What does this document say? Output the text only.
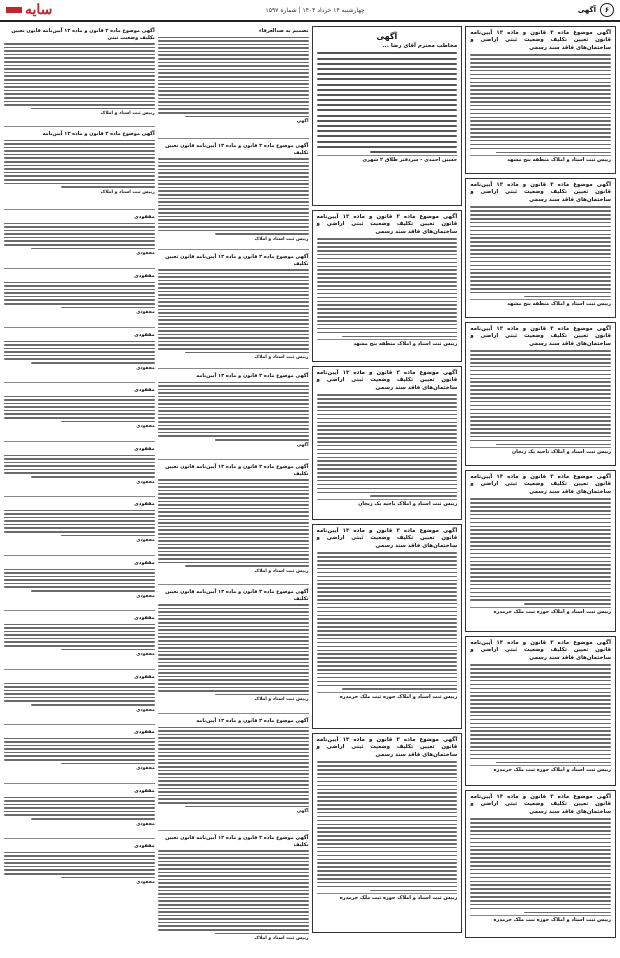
۶
آگهی
چهارشنبه ۱۴ خرداد ۱۴۰۴ | شماره ۱۵۹۷
سایه
آگهی موضوع ماده ۳ قانون و ماده ۱۳ آیین‌نامه قانون تعیین تکلیف وضعیت ثبتی اراضی و ساختمان‌های فاقد سند رسمی
رییس ثبت اسناد و املاک منطقه پنج مشهد
آگهی موضوع ماده ۳ قانون و ماده ۱۳ آیین‌نامه قانون تعیین تکلیف وضعیت ثبتی اراضی و ساختمان‌های فاقد سند رسمی
رییس ثبت اسناد و املاک منطقه پنج مشهد
آگهی موضوع ماده ۳ قانون و ماده ۱۳ آیین‌نامه قانون تعیین تکلیف وضعیت ثبتی اراضی و ساختمان‌های فاقد سند رسمی
رییس ثبت اسناد و املاک ناحیه یک زنجان
آگهی موضوع ماده ۳ قانون و ماده ۱۳ آیین‌نامه قانون تعیین تکلیف وضعیت ثبتی اراضی و ساختمان‌های فاقد سند رسمی
رییس ثبت اسناد و املاک حوزه ثبت ملک خرمدره
آگهی موضوع ماده ۳ قانون و ماده ۱۳ آیین‌نامه قانون تعیین تکلیف وضعیت ثبتی اراضی و ساختمان‌های فاقد سند رسمی
رییس ثبت اسناد و املاک حوزه ثبت ملک خرمدره
آگهی موضوع ماده ۳ قانون و ماده ۱۳ آیین‌نامه قانون تعیین تکلیف وضعیت ثبتی اراضی و ساختمان‌های فاقد سند رسمی
رییس ثبت اسناد و املاک حوزه ثبت ملک خرمدره
آگهی
مخاطب محترم آقای رضا ...
حسین احمدی - سردفتر طلاق ۲ شهری
آگهی موضوع ماده ۳ قانون و ماده ۱۳ آیین‌نامه قانون تعیین تکلیف وضعیت ثبتی اراضی و ساختمان‌های فاقد سند رسمی
رییس ثبت اسناد و املاک منطقه پنج مشهد
آگهی موضوع ماده ۳ قانون و ماده ۱۳ آیین‌نامه قانون تعیین تکلیف وضعیت ثبتی اراضی و ساختمان‌های فاقد سند رسمی
رییس ثبت اسناد و املاک ناحیه یک زنجان
آگهی موضوع ماده ۳ قانون و ماده ۱۳ آیین‌نامه قانون تعیین تکلیف وضعیت ثبتی اراضی و ساختمان‌های فاقد سند رسمی
رییس ثبت اسناد و املاک حوزه ثبت ملک خرمدره
آگهی موضوع ماده ۳ قانون و ماده ۱۳ آیین‌نامه قانون تعیین تکلیف وضعیت ثبتی اراضی و ساختمان‌های فاقد سند رسمی
رییس ثبت اسناد و املاک حوزه ثبت ملک خرمدره
تصمیم به صدالعرفاء
آگهی
آگهی موضوع ماده ۳ قانون و ماده ۱۳ آیین‌نامه قانون تعیین تکلیف
رییس ثبت اسناد و املاک
آگهی موضوع ماده ۳ قانون و ماده ۱۳ آیین‌نامه قانون تعیین تکلیف
رییس ثبت اسناد و املاک
آگهی موضوع ماده ۳ قانون و ماده ۱۳ آیین‌نامه
آگهی
آگهی موضوع ماده ۳ قانون و ماده ۱۳ آیین‌نامه قانون تعیین تکلیف
رییس ثبت اسناد و املاک
آگهی موضوع ماده ۳ قانون و ماده ۱۳ آیین‌نامه قانون تعیین تکلیف
رییس ثبت اسناد و املاک
آگهی موضوع ماده ۳ قانون و ماده ۱۳ آیین‌نامه
آگهی
آگهی موضوع ماده ۳ قانون و ماده ۱۳ آیین‌نامه قانون تعیین تکلیف
رییس ثبت اسناد و املاک
آگهی موضوع ماده ۳ قانون و ماده ۱۳ آیین‌نامه قانون تعیین تکلیف وضعیت ثبتی
رییس ثبت اسناد و املاک
آگهی موضوع ماده ۳ قانون و ماده ۱۳ آیین‌نامه
رییس ثبت اسناد و املاک
مفقودی
مفقودی
مفقودی
مفقودی
مفقودی
مفقودی
مفقودی
مفقودی
مفقودی
مفقودی
مفقودی
مفقودی
مفقودی
مفقودی
مفقودی
مفقودی
مفقودی
مفقودی
مفقودی
مفقودی
مفقودی
مفقودی
مفقودی
مفقودی
